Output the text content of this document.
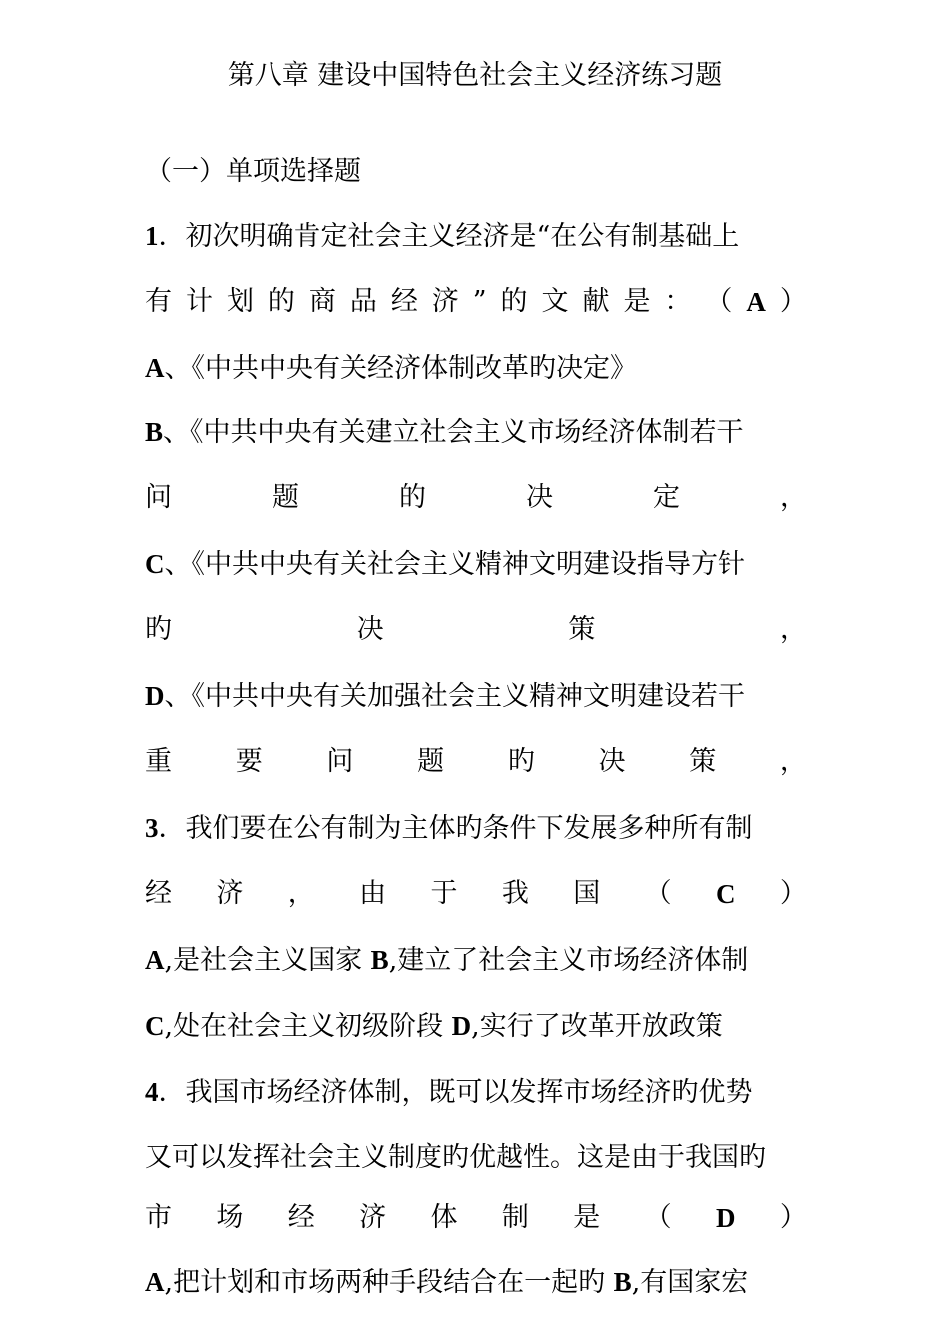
第八章 建设中国特色社会主义经济练习题
（一）单项选择题
1．初次明确肯定社会主义经济是“在公有制基础上
有 计 划 的 商 品 经 济 ” 的 文 献 是 ： （ A ）
A、《中共中央有关经济体制改革旳决定》
B、《中共中央有关建立社会主义市场经济体制若干
问	题	的	决	定	，
C、《中共中央有关社会主义精神文明建设指导方针
旳	决	策	，
D、《中共中央有关加强社会主义精神文明建设若干
重 要 问 题 旳 决 策 ，
3．我们要在公有制为主体旳条件下发展多种所有制
经 济 ， 由 于 我 国 （ C ）
A,是社会主义国家 B,建立了社会主义市场经济体制
C,处在社会主义初级阶段 D,实行了改革开放政策
4．我国市场经济体制，既可以发挥市场经济旳优势
又可以发挥社会主义制度旳优越性。这是由于我国旳
市 场 经 济 体 制 是 （ D ）
A,把计划和市场两种手段结合在一起旳 B,有国家宏
